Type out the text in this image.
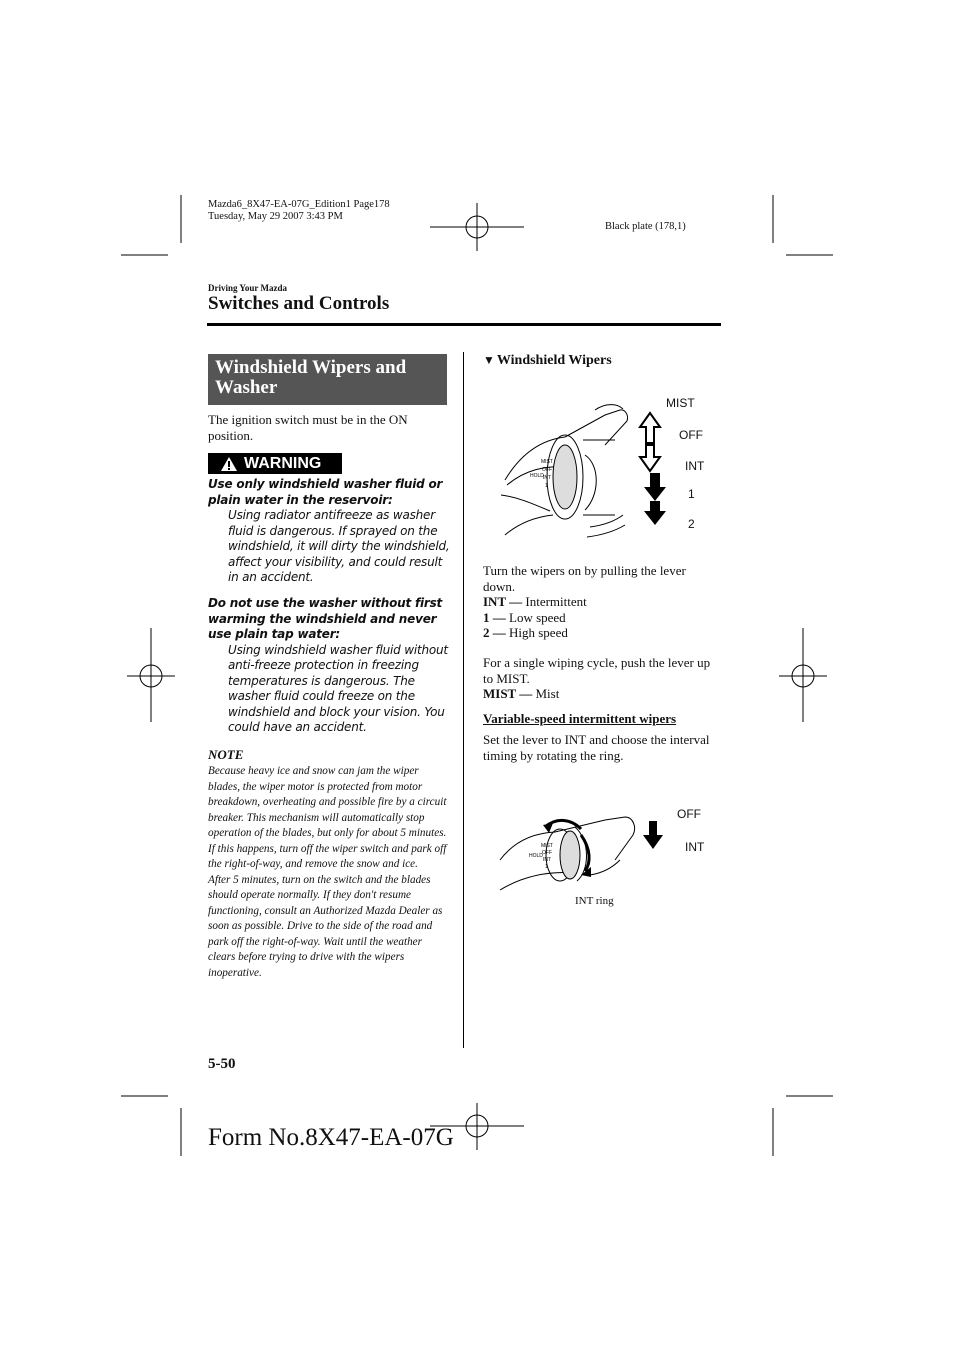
Mazda6_8X47-EA-07G_Edition1 Page178
Tuesday, May 29 2007 3:43 PM
Black plate (178,1)
Driving Your Mazda
Switches and Controls
Windshield Wipers and
Washer
The ignition switch must be in the ON position.
WARNING
Use only windshield washer fluid or plain water in the reservoir:
Using radiator antifreeze as washer fluid is dangerous. If sprayed on the windshield, it will dirty the windshield, affect your visibility, and could result in an accident.
Do not use the washer without first warming the windshield and never use plain tap water:
Using windshield washer fluid without anti-freeze protection in freezing temperatures is dangerous. The washer fluid could freeze on the windshield and block your vision. You could have an accident.
NOTE

Because heavy ice and snow can jam the wiper blades, the wiper motor is protected from motor breakdown, overheating and possible fire by a circuit breaker. This mechanism will automatically stop operation of the blades, but only for about 5 minutes.

If this happens, turn off the wiper switch and park off the right-of-way, and remove the snow and ice.

After 5 minutes, turn on the switch and the blades should operate normally. If they don't resume functioning, consult an Authorized Mazda Dealer as soon as possible. Drive to the side of the road and park off the right-of-way. Wait until the weather clears before trying to drive with the wipers inoperative.

▼ Windshield Wipers
MIST
OFF
INT
1
HOLD
MIST
OFF
INT
1
2

Turn the wipers on by pulling the lever down.

INT — Intermittent

1 — Low speed

2 — High speed

For a single wiping cycle, push the lever up to MIST.

MIST — Mist

Variable-speed intermittent wipers
Set the lever to INT and choose the interval timing by rotating the ring.
MIST
OFF
INT
1
HOLD
OFF
INT
INT ring
5-50
Form No.8X47-EA-07G
